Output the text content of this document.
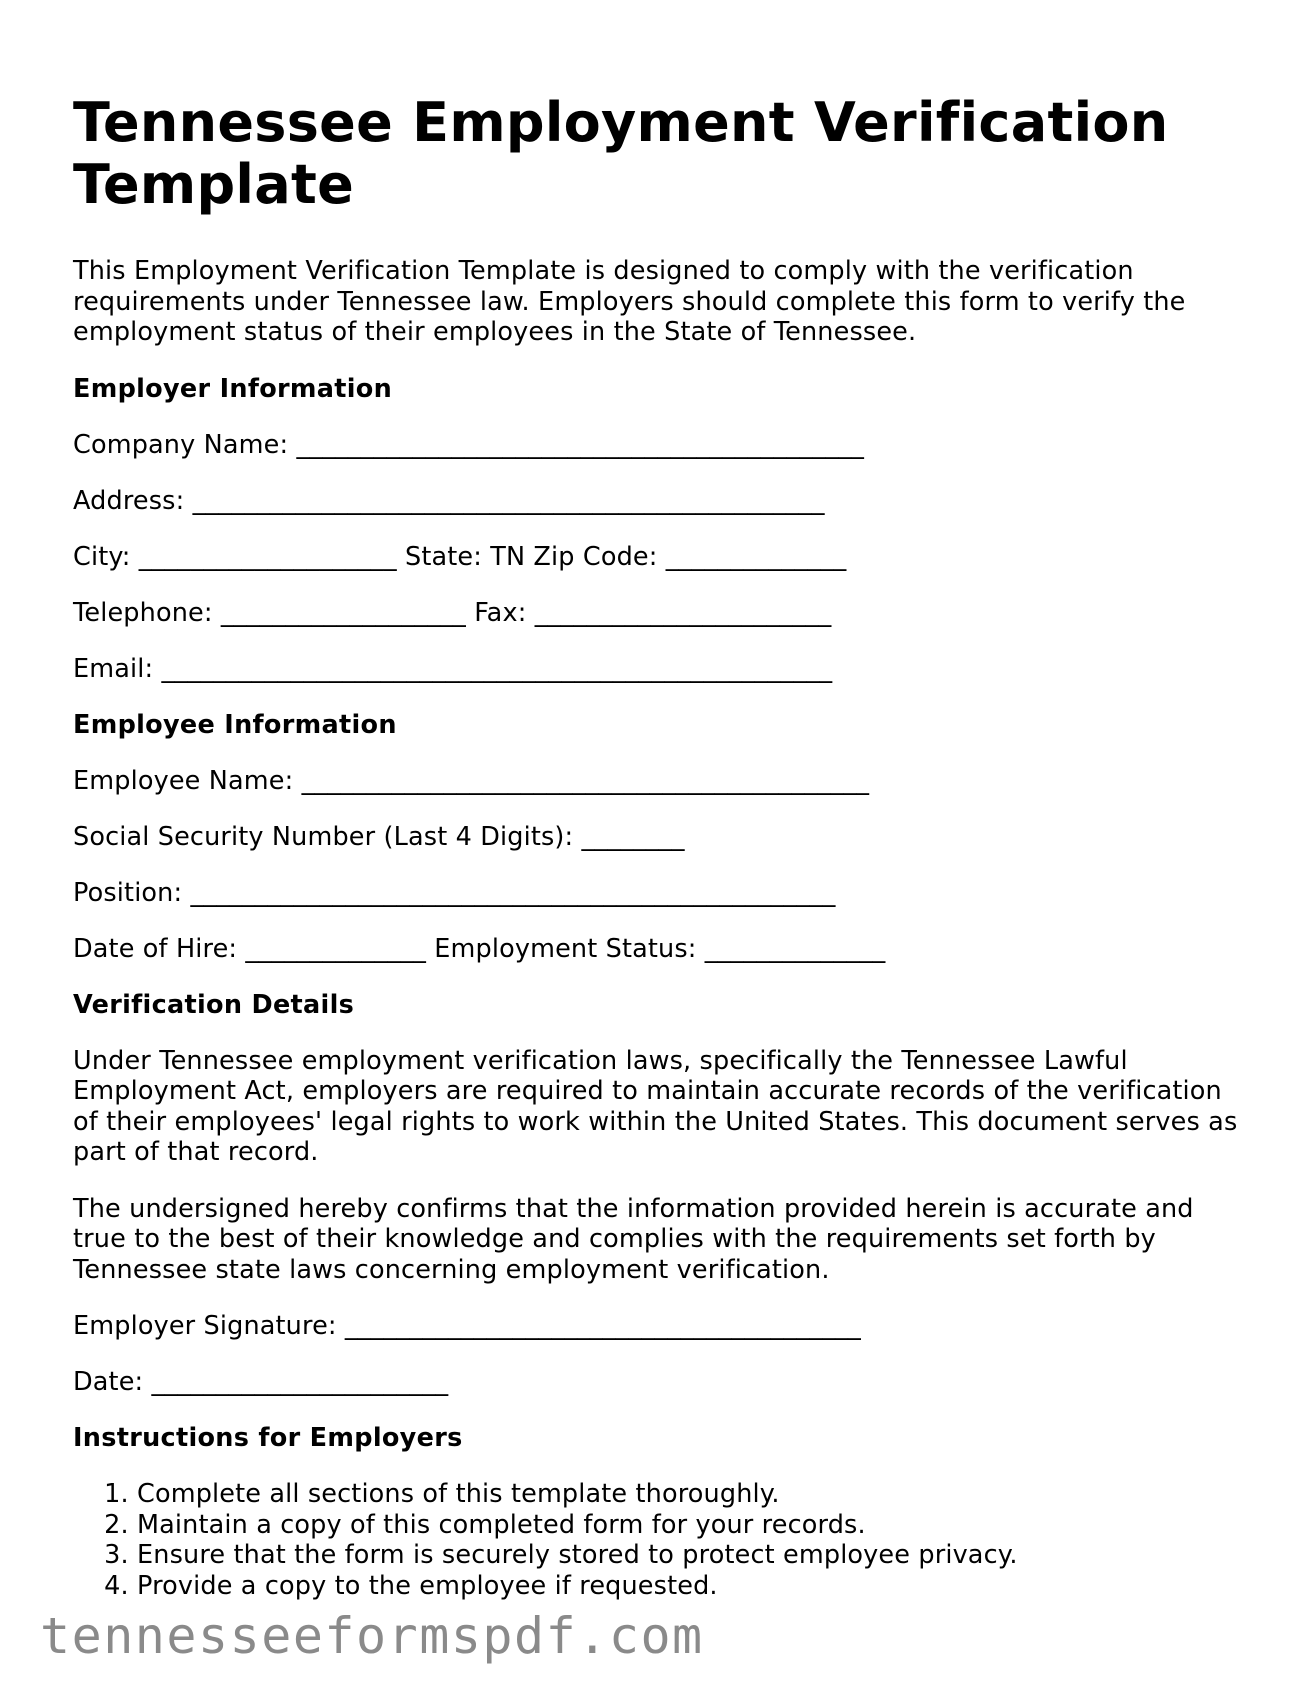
Tennessee Employment Verification Template

This Employment Verification Template is designed to comply with the verification requirements under Tennessee law. Employers should complete this form to verify the employment status of their employees in the State of Tennessee.

Employer Information
Company Name: ____________________________________________
Address: _________________________________________________
City: ____________________ State: TN Zip Code: ______________
Telephone: ___________________ Fax: _______________________
Email: ____________________________________________________
Employee Information
Employee Name: ____________________________________________
Social Security Number (Last 4 Digits): ________
Position: __________________________________________________
Date of Hire: ______________ Employment Status: ______________
Verification Details

Under Tennessee employment verification laws, specifically the Tennessee Lawful Employment Act, employers are required to maintain accurate records of the verification of their employees' legal rights to work within the United States. This document serves as part of that record.

The undersigned hereby confirms that the information provided herein is accurate and true to the best of their knowledge and complies with the requirements set forth by Tennessee state laws concerning employment verification.

Employer Signature: ________________________________________
Date: _______________________
Instructions for Employers
1. Complete all sections of this template thoroughly.
2. Maintain a copy of this completed form for your records.
3. Ensure that the form is securely stored to protect employee privacy.
4. Provide a copy to the employee if requested.
tennesseeformspdf.com
